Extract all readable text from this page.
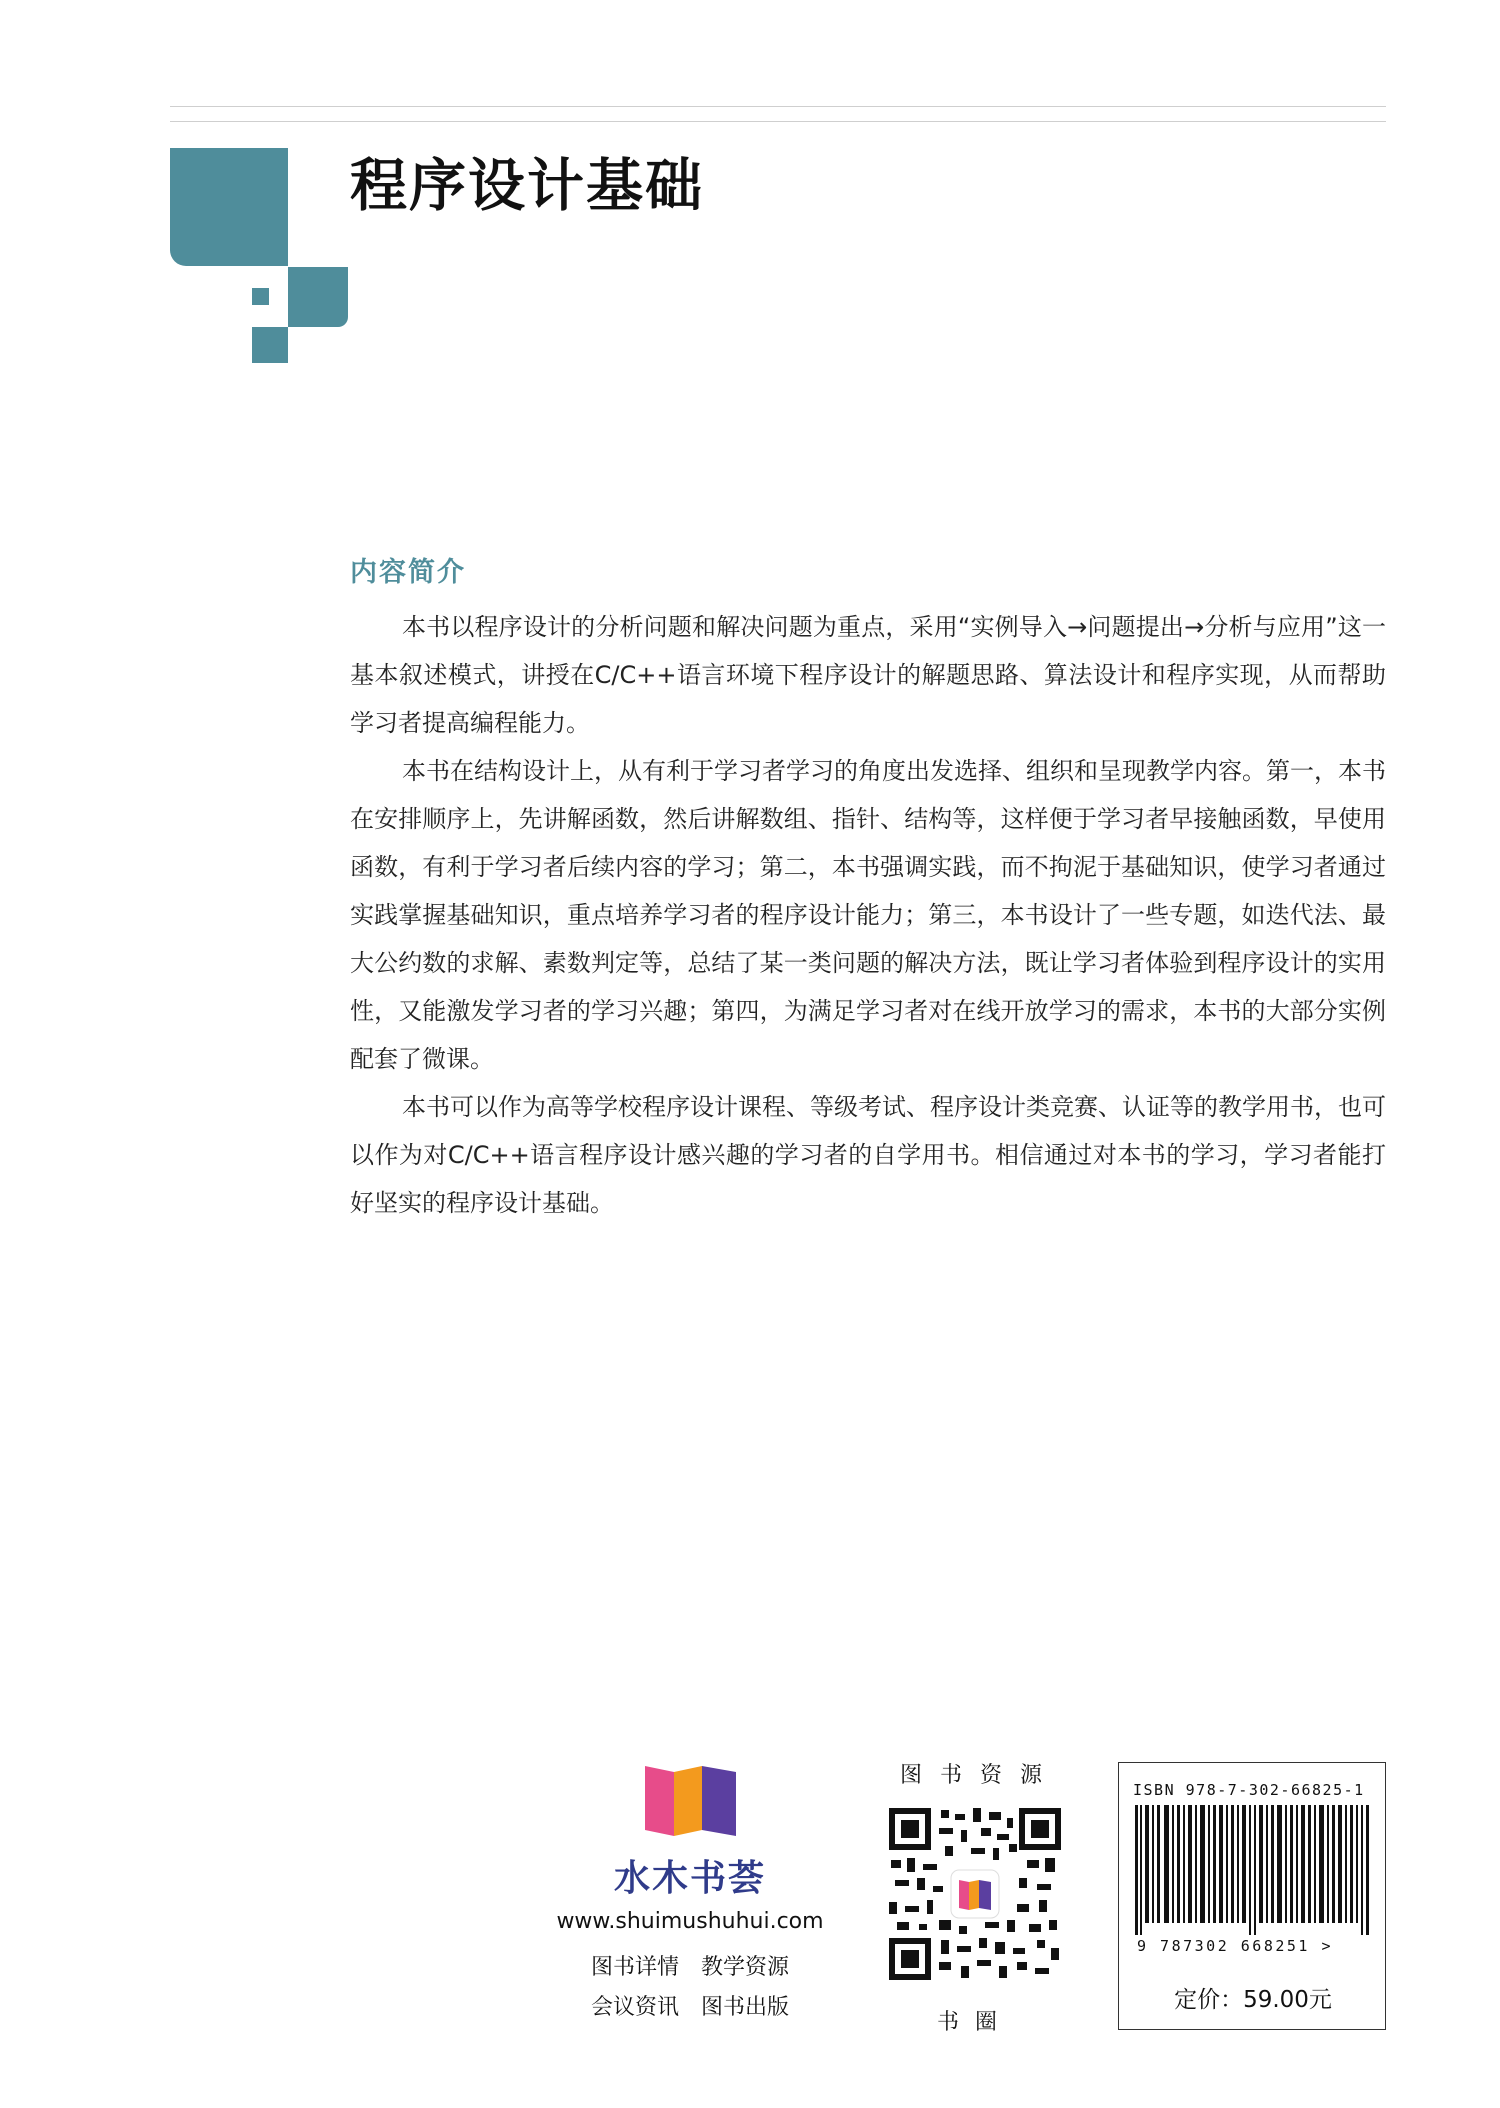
程序设计基础
内容简介

本书以程序设计的分析问题和解决问题为重点，采用“实例导入→问题提出→分析与应用”这一基本叙述模式，讲授在C/C++语言环境下程序设计的解题思路、算法设计和程序实现，从而帮助学习者提高编程能力。

本书在结构设计上，从有利于学习者学习的角度出发选择、组织和呈现教学内容。第一，本书在安排顺序上，先讲解函数，然后讲解数组、指针、结构等，这样便于学习者早接触函数，早使用函数，有利于学习者后续内容的学习；第二，本书强调实践，而不拘泥于基础知识，使学习者通过实践掌握基础知识，重点培养学习者的程序设计能力；第三，本书设计了一些专题，如迭代法、最大公约数的求解、素数判定等，总结了某一类问题的解决方法，既让学习者体验到程序设计的实用性，又能激发学习者的学习兴趣；第四，为满足学习者对在线开放学习的需求，本书的大部分实例配套了微课。

本书可以作为高等学校程序设计课程、等级考试、程序设计类竞赛、认证等的教学用书，也可以作为对C/C++语言程序设计感兴趣的学习者的自学用书。相信通过对本书的学习，学习者能打好坚实的程序设计基础。

水木书荟
www.shuimushuhui.com
图书详情 教学资源
会议资讯 图书出版
图书资源
书圈
ISBN 978-7-302-66825-1
9 787302 668251 >
定价：59.00元
